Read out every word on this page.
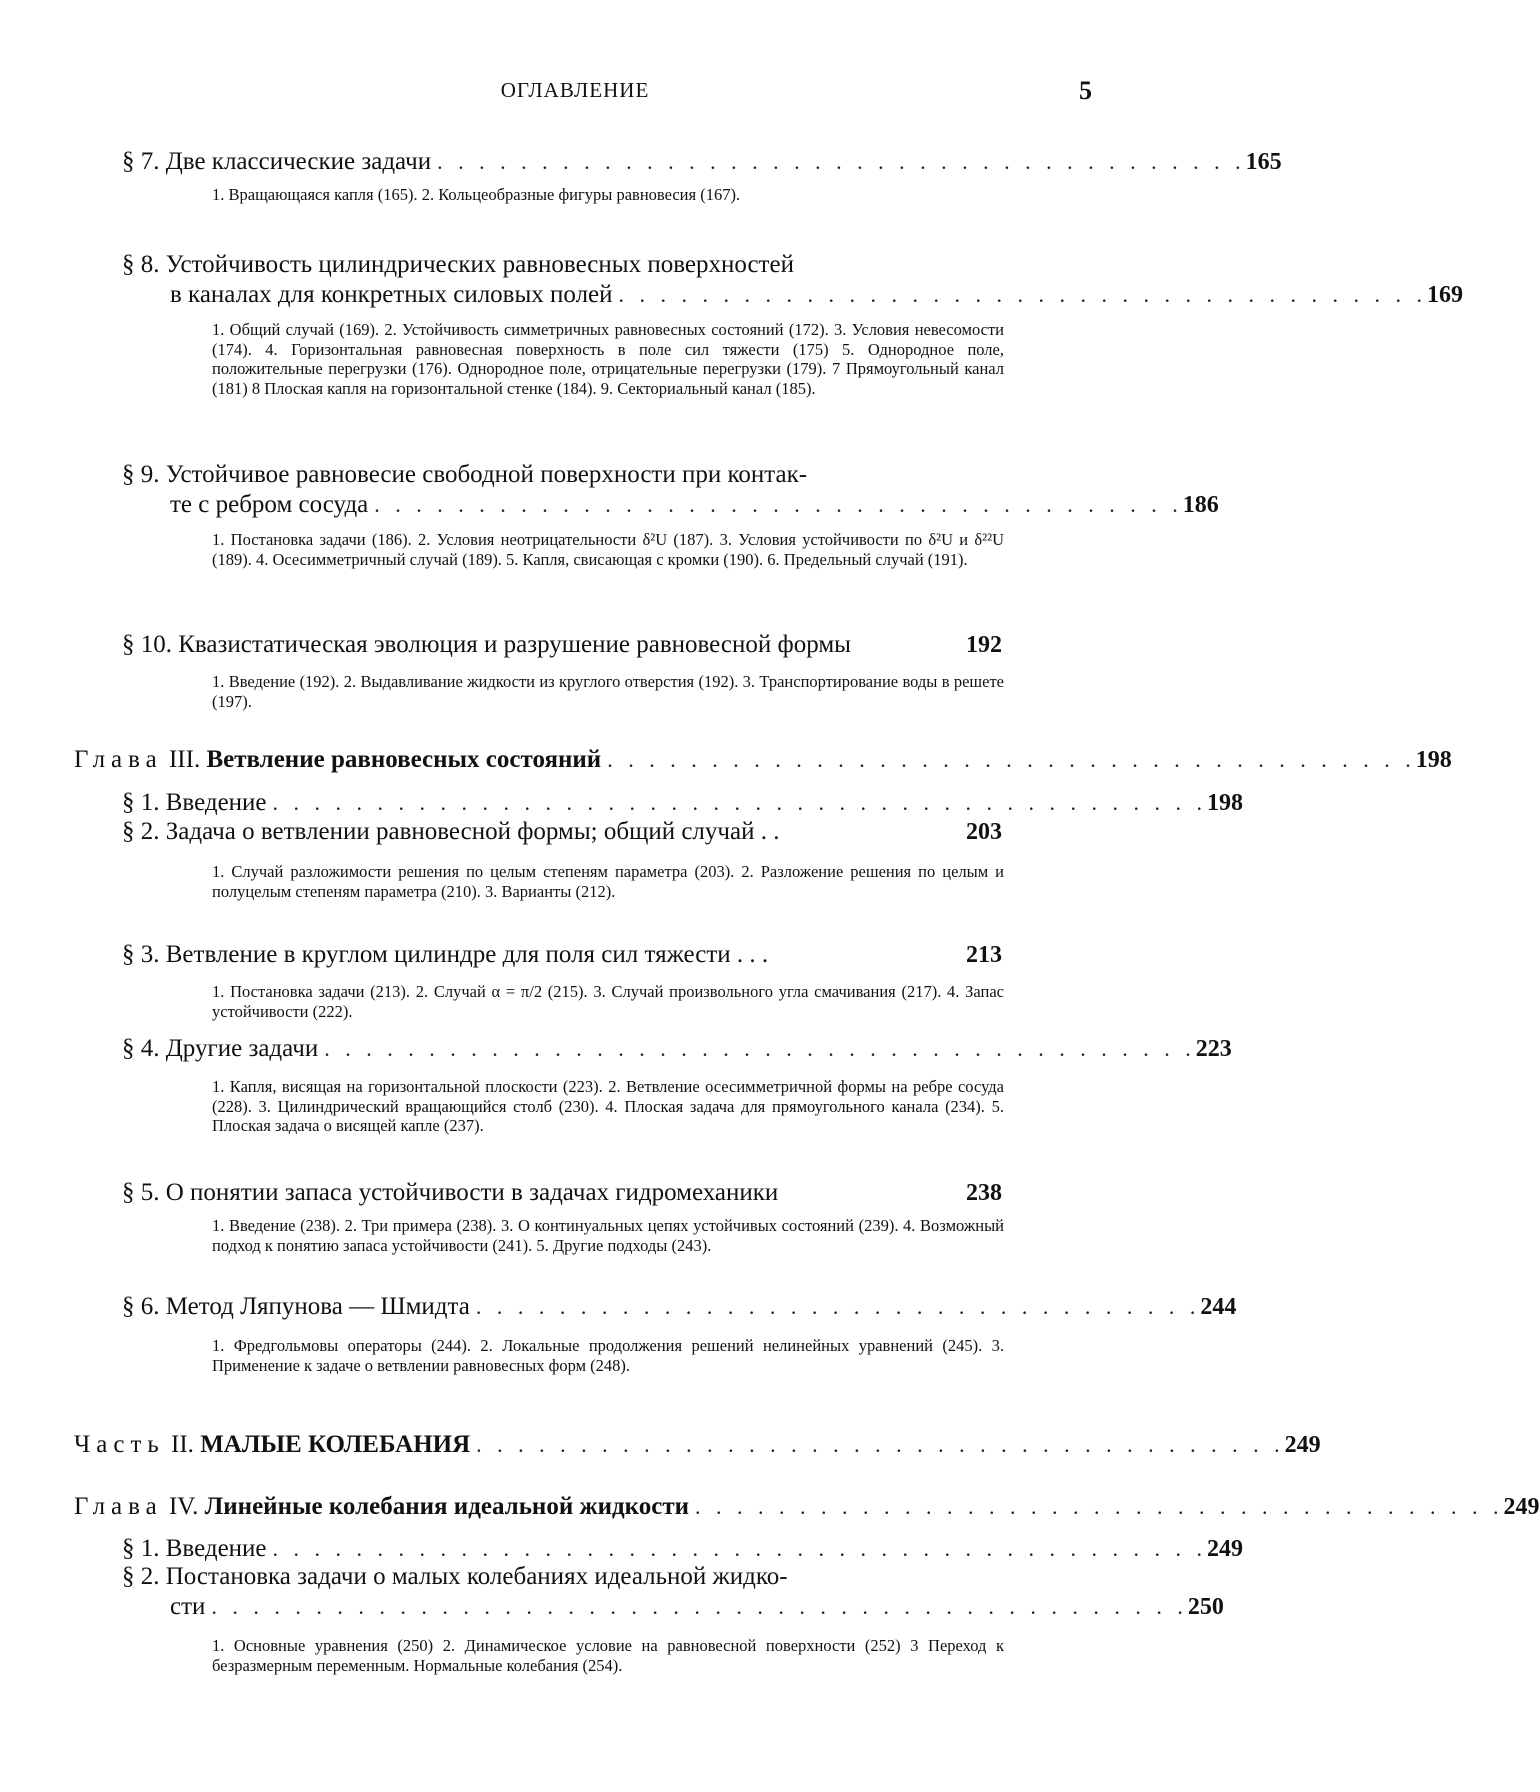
ОГЛАВЛЕНИЕ	5
§ 7. Две классические задачи . . . . . . . . . . . . . . . . . . . . . . . . . . . . . . . . . . . . . . . 165
1. Вращающаяся капля (165). 2. Кольцеобразные фигуры равновесия (167).
§ 8. Устойчивость цилиндрических равновесных поверхностей
в каналах для конкретных силовых полей . . . . . . . . . . . . . . . . . . . . . . . . . . . . . . . . . . . . . . . 169
1. Общий случай (169). 2. Устойчивость симметричных равновесных состояний (172). 3. Условия невесомости (174). 4. Горизонтальная равновесная поверхность в поле сил тяжести (175) 5. Однородное поле, положительные перегрузки (176). Однородное поле, отрицательные перегрузки (179). 7 Прямоугольный канал (181) 8 Плоская капля на горизонтальной стенке (184). 9. Секториальный канал (185).
§ 9. Устойчивое равновесие свободной поверхности при контак-
те с ребром сосуда . . . . . . . . . . . . . . . . . . . . . . . . . . . . . . . . . . . . . . . 186
1. Постановка задачи (186). 2. Условия неотрицательности δ²U (187). 3. Условия устойчивости по δ²U и δ²²U (189). 4. Осесимметричный случай (189). 5. Капля, свисающая с кромки (190). 6. Предельный случай (191).
§ 10. Квазистатическая эволюция и разрушение равновесной формы	192
1. Введение (192). 2. Выдавливание жидкости из круглого отверстия (192). 3. Транспортирование воды в решете (197).
Глава III. Ветвление равновесных состояний . . . . . . . . . . . . . . . . . . . . . . . . . . . . . . . . . . . . . . . 198
§ 1. Введение . . . . . . . . . . . . . . . . . . . . . . . . . . . . . . . . . . . . . . . . . . . . . 198
§ 2. Задача о ветвлении равновесной формы; общий случай . .	203
1. Случай разложимости решения по целым степеням параметра (203). 2. Разложение решения по целым и полуцелым степеням параметра (210). 3. Варианты (212).
§ 3. Ветвление в круглом цилиндре для поля сил тяжести . . .	213
1. Постановка задачи (213). 2. Случай α = π/2 (215). 3. Случай произвольного угла смачивания (217). 4. Запас устойчивости (222).
§ 4. Другие задачи . . . . . . . . . . . . . . . . . . . . . . . . . . . . . . . . . . . . . . . . . . 223
1. Капля, висящая на горизонтальной плоскости (223). 2. Ветвление осесимметричной формы на ребре сосуда (228). 3. Цилиндрический вращающийся столб (230). 4. Плоская задача для прямоугольного канала (234). 5. Плоская задача о висящей капле (237).
§ 5. О понятии запаса устойчивости в задачах гидромеханики	238
1. Введение (238). 2. Три примера (238). 3. О континуальных цепях устойчивых состояний (239). 4. Возможный подход к понятию запаса устойчивости (241). 5. Другие подходы (243).
§ 6. Метод Ляпунова — Шмидта . . . . . . . . . . . . . . . . . . . . . . . . . . . . . . . . . . . 244
1. Фредгольмовы операторы (244). 2. Локальные продолжения решений нелинейных уравнений (245). 3. Применение к задаче о ветвлении равновесных форм (248).
Часть II. МАЛЫЕ КОЛЕБАНИЯ . . . . . . . . . . . . . . . . . . . . . . . . . . . . . . . . . . . . . . . 249
Глава IV. Линейные колебания идеальной жидкости . . . . . . . . . . . . . . . . . . . . . . . . . . . . . . . . . . . . . . . 249
§ 1. Введение . . . . . . . . . . . . . . . . . . . . . . . . . . . . . . . . . . . . . . . . . . . . . 249
§ 2. Постановка задачи о малых колебаниях идеальной жидко-
сти . . . . . . . . . . . . . . . . . . . . . . . . . . . . . . . . . . . . . . . . . . . . . . . 250
1. Основные уравнения (250) 2. Динамическое условие на равновесной поверхности (252) 3 Переход к безразмерным переменным. Нормальные колебания (254).
